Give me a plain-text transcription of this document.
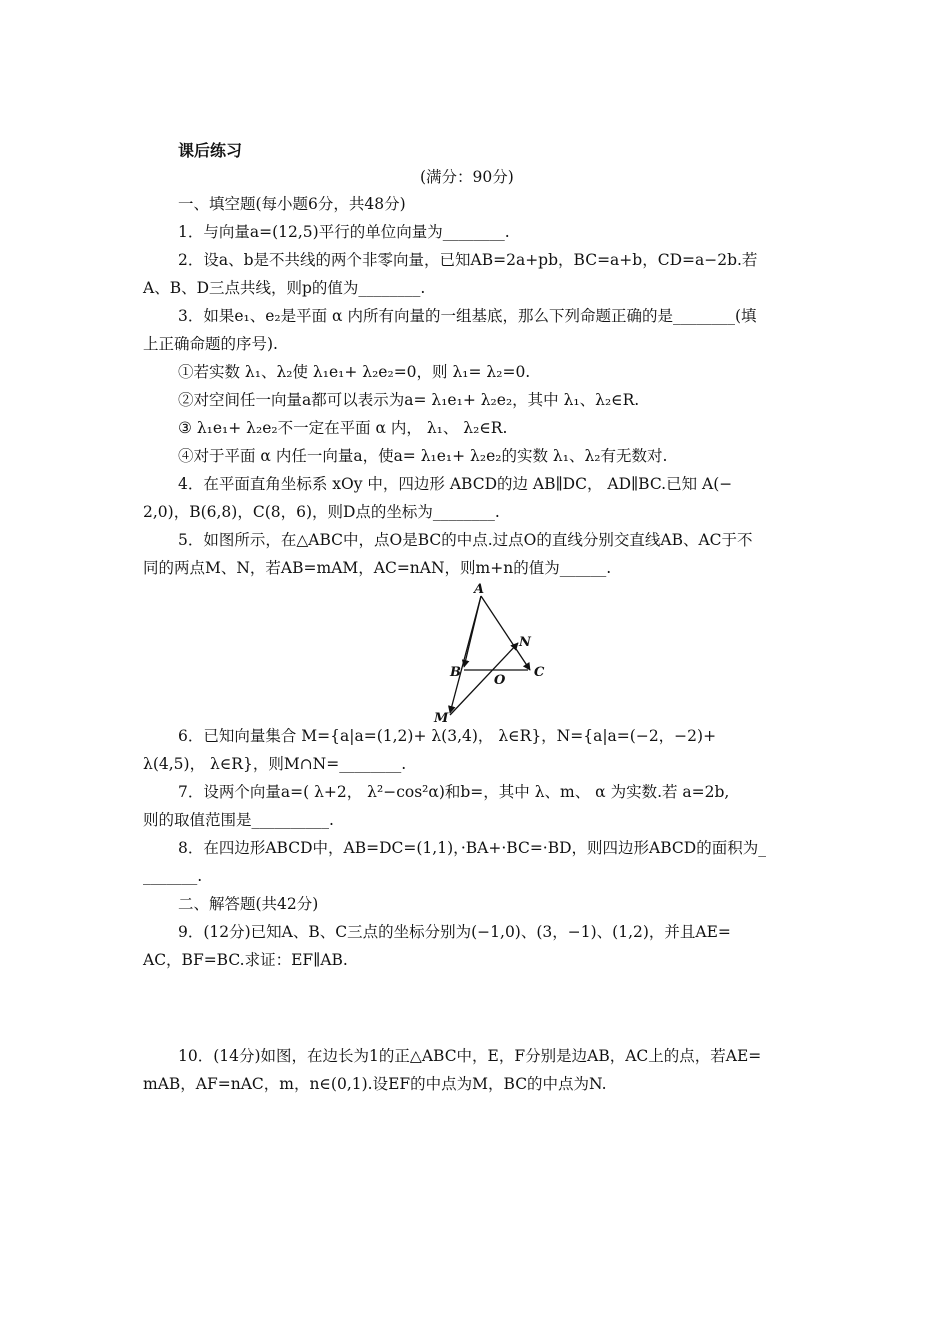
课后练习
(满分：90分)
一、填空题(每小题6分，共48分)
1．与向量a=(12,5)平行的单位向量为________.
2．设a、b是不共线的两个非零向量，已知AB=2a+pb，BC=a+b，CD=a−2b.若
A、B、D三点共线，则p的值为________.
3．如果e₁、e₂是平面 α 内所有向量的一组基底，那么下列命题正确的是________(填
上正确命题的序号).
①若实数 λ₁、λ₂使 λ₁e₁+ λ₂e₂=0，则 λ₁= λ₂=0.
②对空间任一向量a都可以表示为a= λ₁e₁+ λ₂e₂，其中 λ₁、λ₂∈R.
③ λ₁e₁+ λ₂e₂不一定在平面 α 内， λ₁、 λ₂∈R.
④对于平面 α 内任一向量a，使a= λ₁e₁+ λ₂e₂的实数 λ₁、λ₂有无数对.
4．在平面直角坐标系 xOy 中，四边形 ABCD的边 AB∥DC， AD∥BC.已知 A(−
2,0)，B(6,8)，C(8，6)，则D点的坐标为________.
5．如图所示，在△ABC中，点O是BC的中点.过点O的直线分别交直线AB、AC于不
同的两点M、N，若AB=mAM，AC=nAN，则m+n的值为______.
A
N
B
O
C
M
6．已知向量集合 M={a|a=(1,2)+ λ(3,4)， λ∈R}，N={a|a=(−2，−2)+
λ(4,5)， λ∈R}，则M∩N=________.
7．设两个向量a=( λ+2， λ²−cos²α)和b=，其中 λ、m、 α 为实数.若 a=2b,
则的取值范围是__________.
8．在四边形ABCD中，AB=DC=(1,1)，·BA+·BC=·BD，则四边形ABCD的面积为_
_______.
二、解答题(共42分)
9．(12分)已知A、B、C三点的坐标分别为(−1,0)、(3，−1)、(1,2)，并且AE=
AC，BF=BC.求证：EF∥AB.
10．(14分)如图，在边长为1的正△ABC中，E，F分别是边AB，AC上的点，若AE=
mAB，AF=nAC，m，n∈(0,1).设EF的中点为M，BC的中点为N.
